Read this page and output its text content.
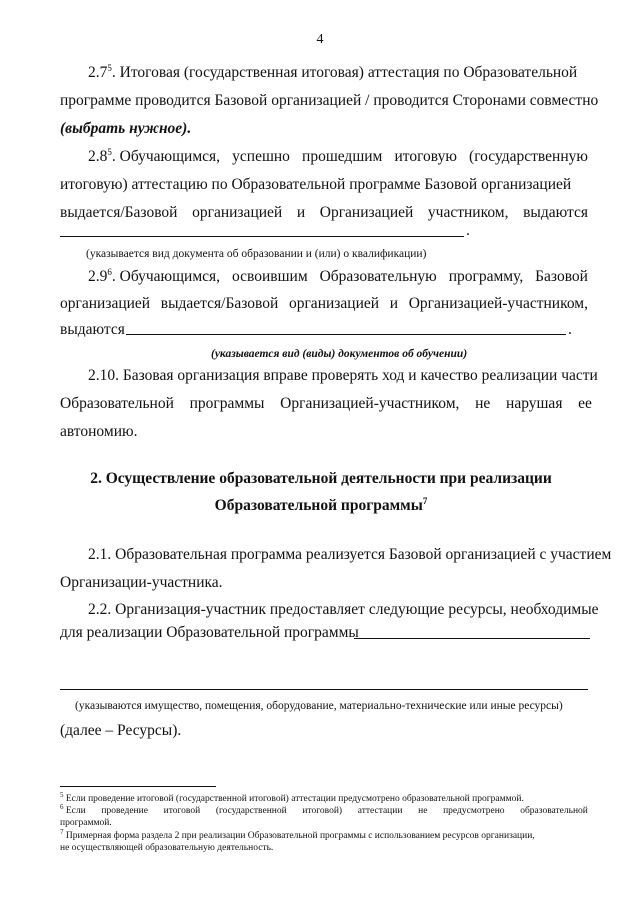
4
$2.7^5$. Итоговая (государственная итоговая) аттестация по Образовательной
программе проводится Базовой организацией / проводится Сторонами совместно
(выбрать нужное).
$2.8^5$. Обучающимся, успешно прошедшим итоговую (государственную
итоговую) аттестацию по Образовательной программе Базовой организацией
выдается/Базовой организацией и Организацией участником, выдаются
.
(указывается вид документа об образовании и (или) о квалификации)
$2.9^6$. Обучающимся, освоившим Образовательную программу, Базовой
организацией выдается/Базовой организацией и Организацией-участником,
выдаются	.
(указывается вид (виды) документов об обучении)
2.10. Базовая организация вправе проверять ход и качество реализации части
Образовательной программы Организацией-участником, не нарушая ее
автономию.
2. Осуществление образовательной деятельности при реализации
Образовательной программы$^7$
2.1. Образовательная программа реализуется Базовой организацией с участием
Организации-участника.
2.2. Организация-участник предоставляет следующие ресурсы, необходимые
для реализации Образовательной программы
(указываются имущество, помещения, оборудование, материально-технические или иные ресурсы)
(далее – Ресурсы).
$^5$ Если проведение итоговой (государственной итоговой) аттестации предусмотрено образовательной программой.
$^6$ Если проведение итоговой (государственной итоговой) аттестации не предусмотрено образовательной
программой.
$^7$ Примерная форма раздела 2 при реализации Образовательной программы с использованием ресурсов организации,
не осуществляющей образовательную деятельность.
